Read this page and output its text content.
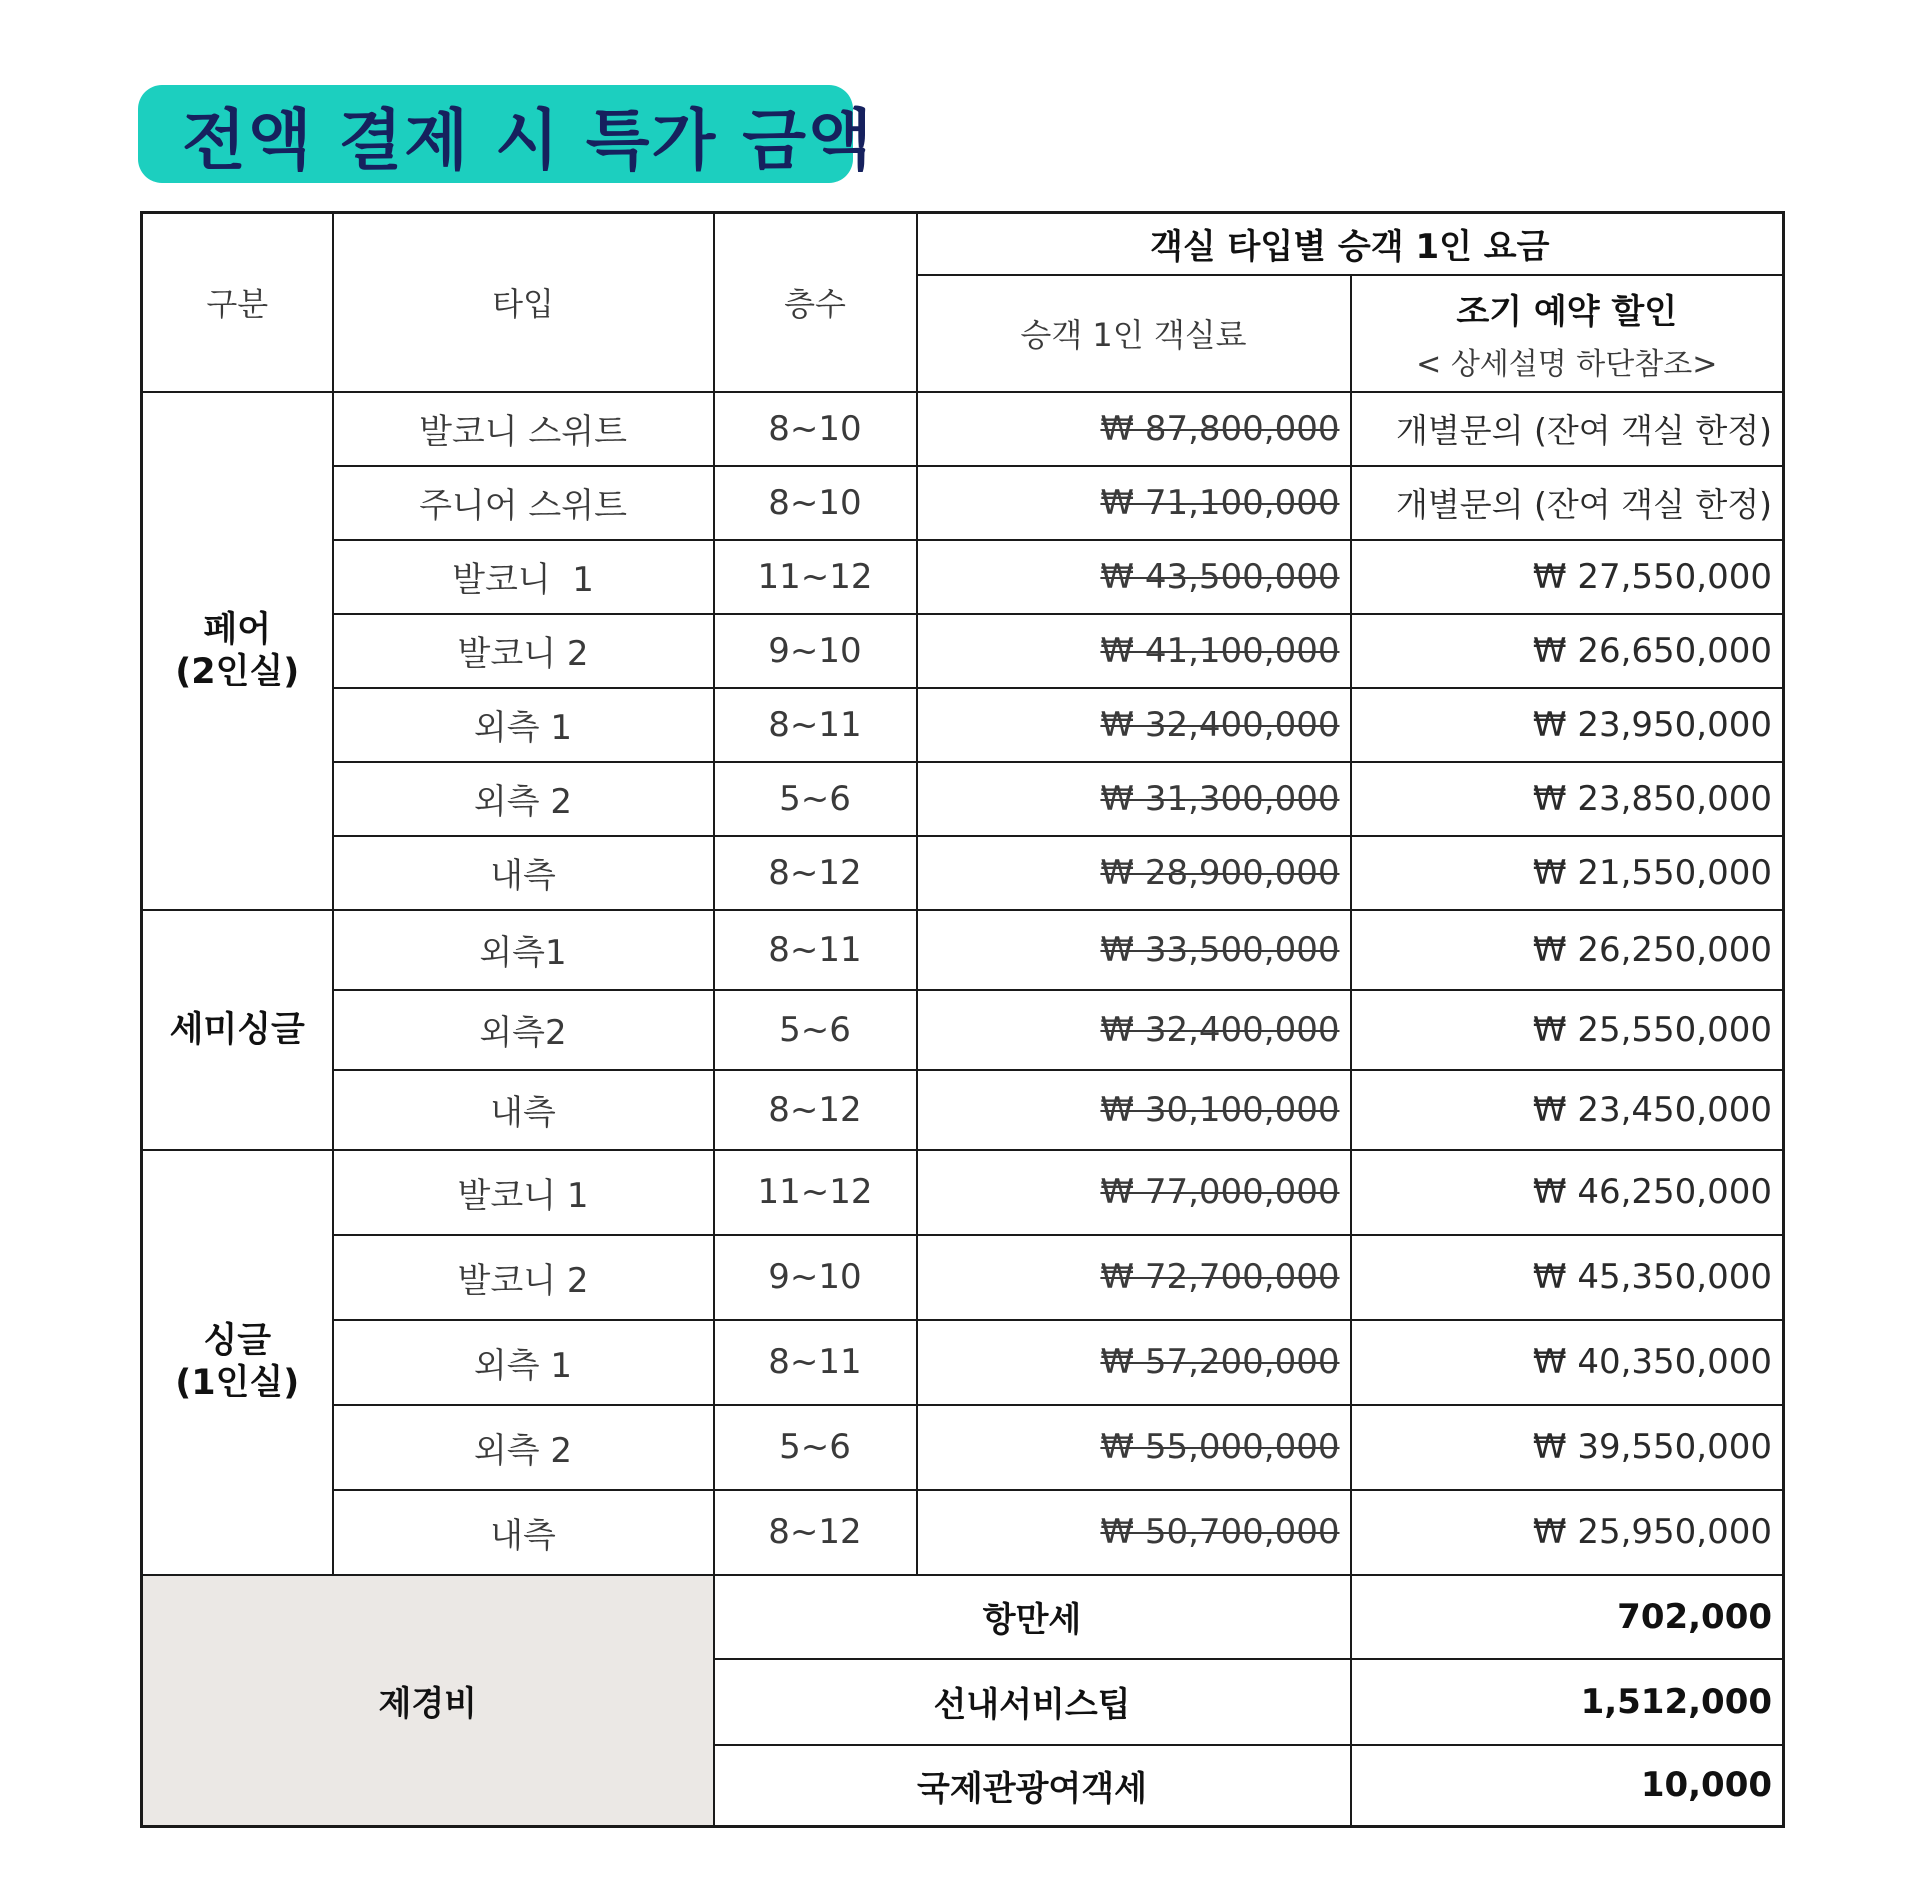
전액 결제 시 특가 금액
구분	타입	층수	객실 타입별 승객 1인 요금	
			승객 1인 객실료	조기 예약 할인
< 상세설명 하단참조>

페어
(2인실)	발코니 스위트	8~10	₩ 87,800,000	개별문의 (잔여 객실 한정)
	주니어 스위트	8~10	₩ 71,100,000	개별문의 (잔여 객실 한정)
	발코니  1	11~12	₩ 43,500,000	₩ 27,550,000
	발코니 2	9~10	₩ 41,100,000	₩ 26,650,000
	외측 1	8~11	₩ 32,400,000	₩ 23,950,000
	외측 2	5~6	₩ 31,300,000	₩ 23,850,000
	내측	8~12	₩ 28,900,000	₩ 21,550,000

세미싱글	외측1	8~11	₩ 33,500,000	₩ 26,250,000
	외측2	5~6	₩ 32,400,000	₩ 25,550,000
	내측	8~12	₩ 30,100,000	₩ 23,450,000

싱글
(1인실)	발코니 1	11~12	₩ 77,000,000	₩ 46,250,000
	발코니 2	9~10	₩ 72,700,000	₩ 45,350,000
	외측 1	8~11	₩ 57,200,000	₩ 40,350,000
	외측 2	5~6	₩ 55,000,000	₩ 39,550,000
	내측	8~12	₩ 50,700,000	₩ 25,950,000
제경비		항만세		702,000
		선내서비스팁		1,512,000
		국제관광여객세		10,000
